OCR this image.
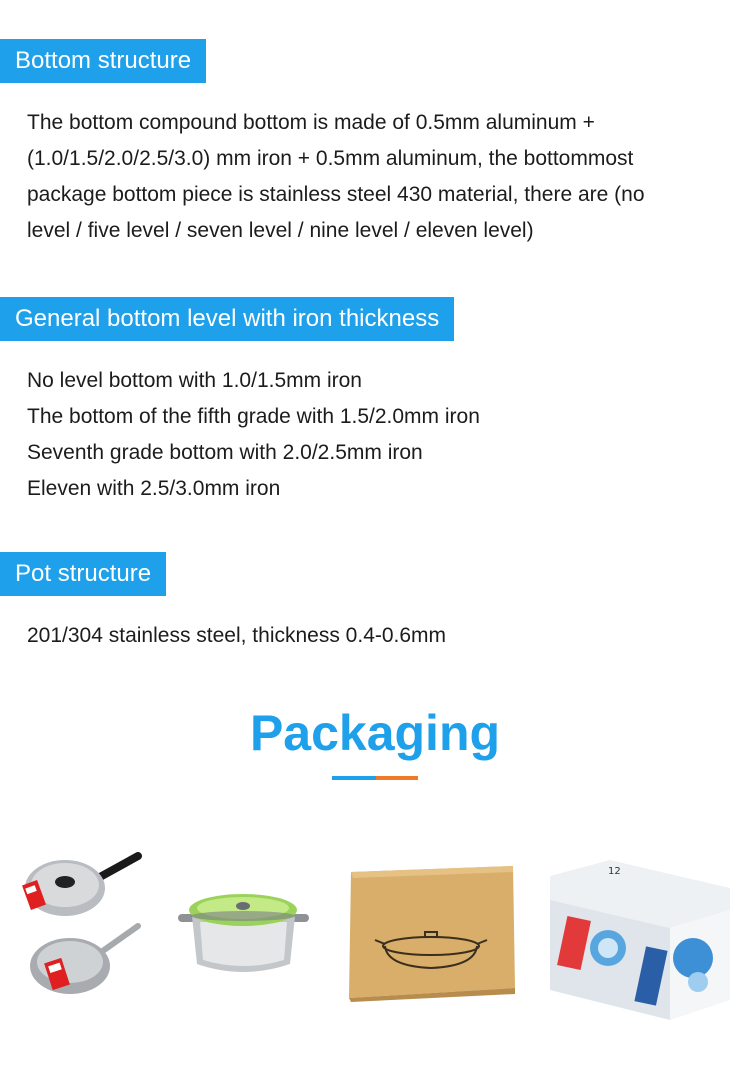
Bottom structure
The bottom compound bottom is made of 0.5mm aluminum +
(1.0/1.5/2.0/2.5/3.0) mm iron + 0.5mm aluminum, the bottommost
package bottom piece is stainless steel 430 material, there are (no
level / five level / seven level / nine level / eleven level)
General bottom level with iron thickness
No level bottom with 1.0/1.5mm iron
The bottom of the fifth grade with 1.5/2.0mm iron
Seventh grade bottom with 2.0/2.5mm iron
Eleven with 2.5/3.0mm iron
Pot structure
201/304 stainless steel, thickness 0.4-0.6mm
Packaging
12
